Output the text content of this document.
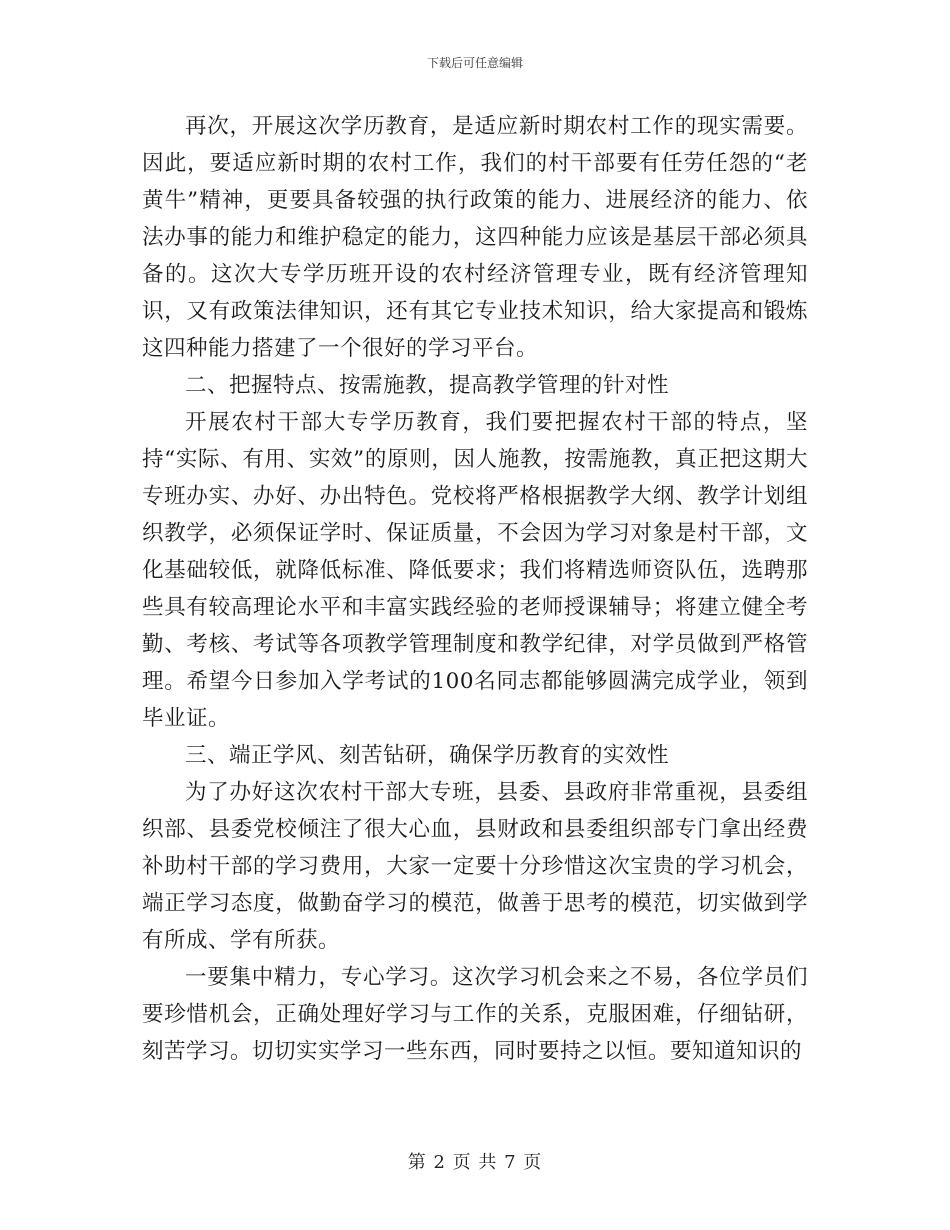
下载后可任意编辑

再次，开展这次学历教育，是适应新时期农村工作的现实需要。因此，要适应新时期的农村工作，我们的村干部要有任劳任怨的“老黄牛”精神，更要具备较强的执行政策的能力、进展经济的能力、依法办事的能力和维护稳定的能力，这四种能力应该是基层干部必须具备的。这次大专学历班开设的农村经济管理专业，既有经济管理知识，又有政策法律知识，还有其它专业技术知识，给大家提高和锻炼这四种能力搭建了一个很好的学习平台。

二、把握特点、按需施教，提高教学管理的针对性

开展农村干部大专学历教育，我们要把握农村干部的特点，坚持“实际、有用、实效”的原则，因人施教，按需施教，真正把这期大专班办实、办好、办出特色。党校将严格根据教学大纲、教学计划组织教学，必须保证学时、保证质量，不会因为学习对象是村干部，文化基础较低，就降低标准、降低要求；我们将精选师资队伍，选聘那些具有较高理论水平和丰富实践经验的老师授课辅导；将建立健全考勤、考核、考试等各项教学管理制度和教学纪律，对学员做到严格管理。希望今日参加入学考试的100名同志都能够圆满完成学业，领到毕业证。

三、端正学风、刻苦钻研，确保学历教育的实效性

为了办好这次农村干部大专班，县委、县政府非常重视，县委组织部、县委党校倾注了很大心血，县财政和县委组织部专门拿出经费补助村干部的学习费用，大家一定要十分珍惜这次宝贵的学习机会，端正学习态度，做勤奋学习的模范，做善于思考的模范，切实做到学有所成、学有所获。

一要集中精力，专心学习。这次学习机会来之不易，各位学员们要珍惜机会，正确处理好学习与工作的关系，克服困难，仔细钻研，刻苦学习。切切实实学习一些东西，同时要持之以恒。要知道知识的

第 2 页 共 7 页
